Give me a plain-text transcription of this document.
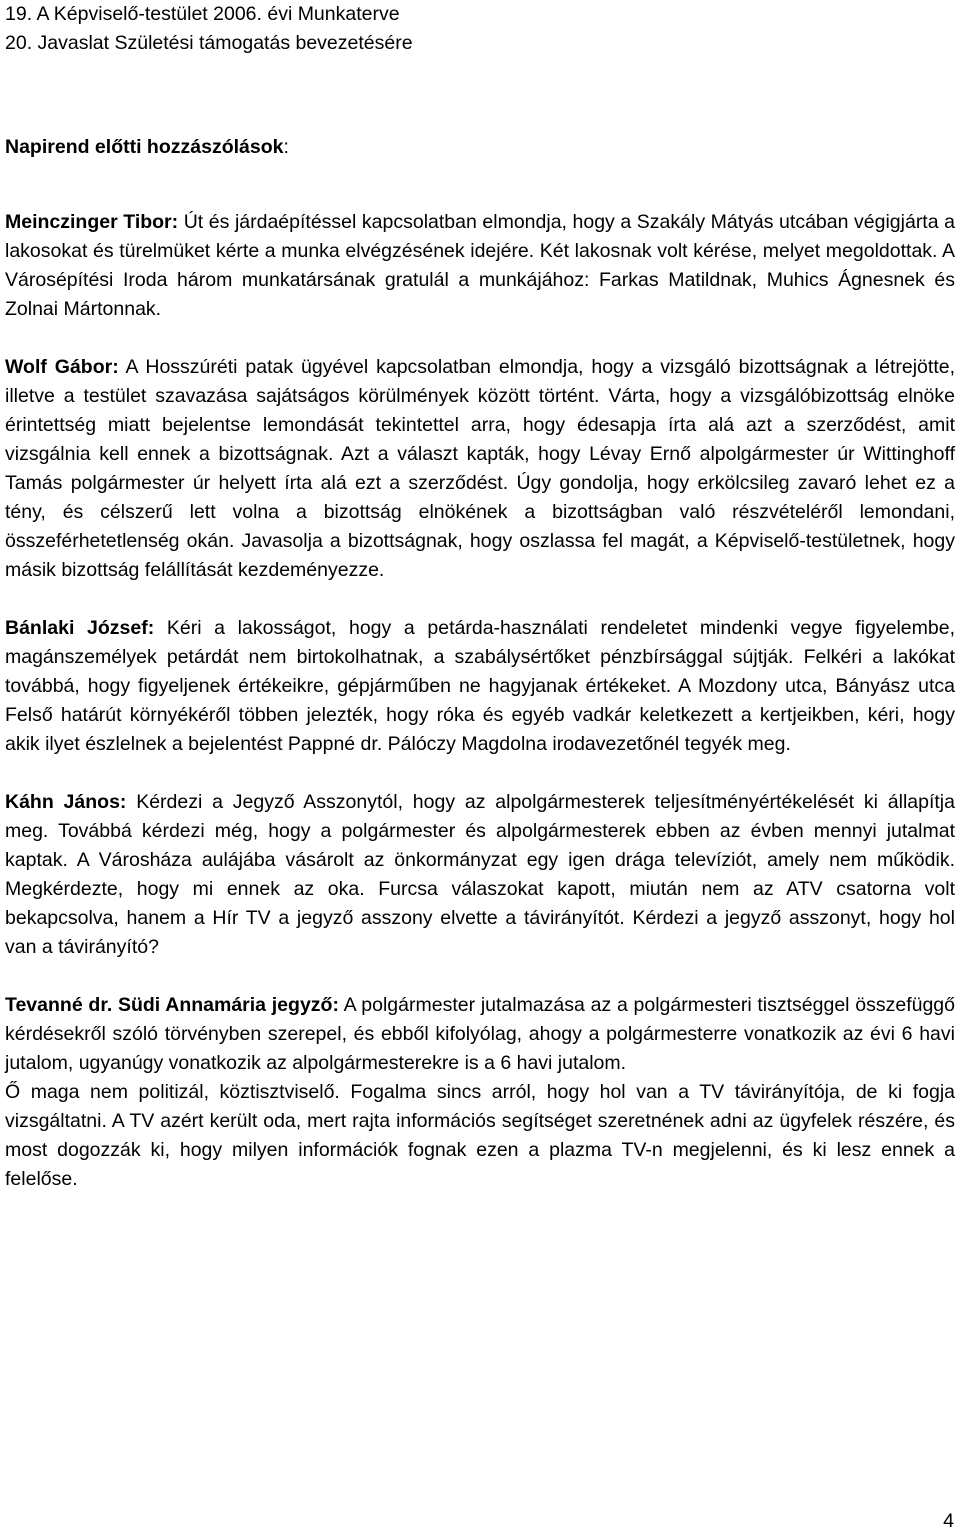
19. A Képviselő-testület 2006. évi Munkaterve
20. Javaslat Születési támogatás bevezetésére
Napirend előtti hozzászólások:

Meinczinger Tibor: Út és járdaépítéssel kapcsolatban elmondja, hogy a Szakály Mátyás utcában végigjárta a lakosokat és türelmüket kérte a munka elvégzésének idejére. Két lakosnak volt kérése, melyet megoldottak. A Városépítési Iroda három munkatársának gratulál a munkájához: Farkas Matildnak, Muhics Ágnesnek és Zolnai Mártonnak.

Wolf Gábor: A Hosszúréti patak ügyével kapcsolatban elmondja, hogy a vizsgáló bizottságnak a létrejötte, illetve a testület szavazása sajátságos körülmények között történt. Várta, hogy a vizsgálóbizottság elnöke érintettség miatt bejelentse lemondását tekintettel arra, hogy édesapja írta alá azt a szerződést, amit vizsgálnia kell ennek a bizottságnak. Azt a választ kapták, hogy Lévay Ernő alpolgármester úr Wittinghoff Tamás polgármester úr helyett írta alá ezt a szerződést. Úgy gondolja, hogy erkölcsileg zavaró lehet ez a tény, és célszerű lett volna a bizottság elnökének a bizottságban való részvételéről lemondani, összeférhetetlenség okán. Javasolja a bizottságnak, hogy oszlassa fel magát, a Képviselő-testületnek, hogy másik bizottság felállítását kezdeményezze.

Bánlaki József: Kéri a lakosságot, hogy a petárda-használati rendeletet mindenki vegye figyelembe, magánszemélyek petárdát nem birtokolhatnak, a szabálysértőket pénzbírsággal sújtják. Felkéri a lakókat továbbá, hogy figyeljenek értékeikre, gépjárműben ne hagyjanak értékeket. A Mozdony utca, Bányász utca Felső határút környékéről többen jelezték, hogy róka és egyéb vadkár keletkezett a kertjeikben, kéri, hogy akik ilyet észlelnek a bejelentést Pappné dr. Pálóczy Magdolna irodavezetőnél tegyék meg.

Káhn János: Kérdezi a Jegyző Asszonytól, hogy az alpolgármesterek teljesítményértékelését ki állapítja meg. Továbbá kérdezi még, hogy a polgármester és alpolgármesterek ebben az évben mennyi jutalmat kaptak. A Városháza aulájába vásárolt az önkormányzat egy igen drága televíziót, amely nem működik. Megkérdezte, hogy mi ennek az oka. Furcsa válaszokat kapott, miután nem az ATV csatorna volt bekapcsolva, hanem a Hír TV a jegyző asszony elvette a távirányítót. Kérdezi a jegyző asszonyt, hogy hol van a távirányító?

Tevanné dr. Südi Annamária jegyző: A polgármester jutalmazása az a polgármesteri tisztséggel összefüggő kérdésekről szóló törvényben szerepel, és ebből kifolyólag, ahogy a polgármesterre vonatkozik az évi 6 havi jutalom, ugyanúgy vonatkozik az alpolgármesterekre is a 6 havi jutalom.

Ő maga nem politizál, köztisztviselő. Fogalma sincs arról, hogy hol van a TV távirányítója, de ki fogja vizsgáltatni. A TV azért került oda, mert rajta információs segítséget szeretnének adni az ügyfelek részére, és most dogozzák ki, hogy milyen információk fognak ezen a plazma TV-n megjelenni, és ki lesz ennek a felelőse.

4
